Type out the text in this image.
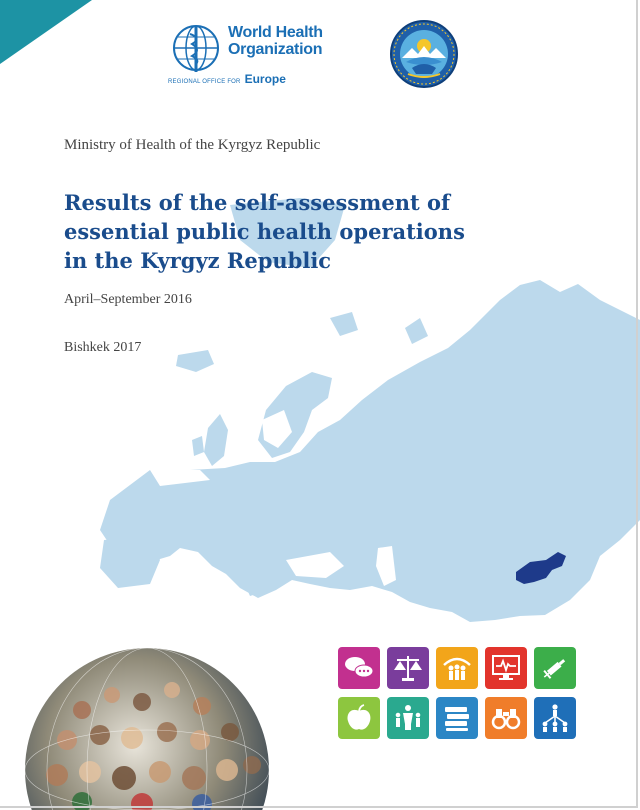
World Health
Organization
REGIONAL OFFICE FOR Europe
Ministry of Health of the Kyrgyz Republic
Results of the self-assessment of
essential public health operations
in the Kyrgyz Republic
April–September 2016
Bishkek 2017
